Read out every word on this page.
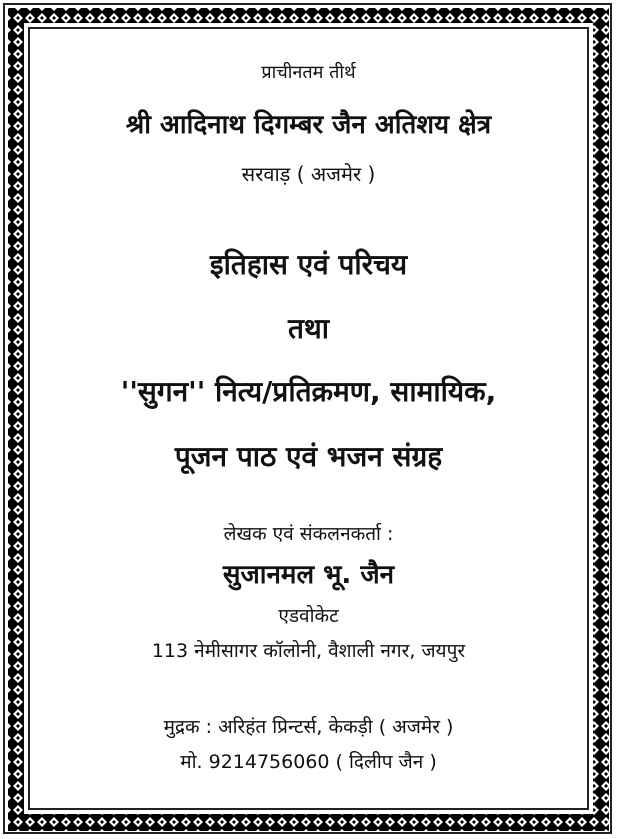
प्राचीनतम तीर्थ
श्री आदिनाथ दिगम्बर जैन अतिशय क्षेत्र
सरवाड़ ( अजमेर )
इतिहास एवं परिचय
तथा
''सुगन'' नित्य/प्रतिक्रमण, सामायिक,
पूजन पाठ एवं भजन संग्रह
लेखक एवं संकलनकर्ता :
सुजानमल भू. जैन
एडवोकेट
113 नेमीसागर कॉलोनी, वैशाली नगर, जयपुर
मुद्रक : अरिहंत प्रिन्टर्स, केकड़ी ( अजमेर )
मो. 9214756060 ( दिलीप जैन )
